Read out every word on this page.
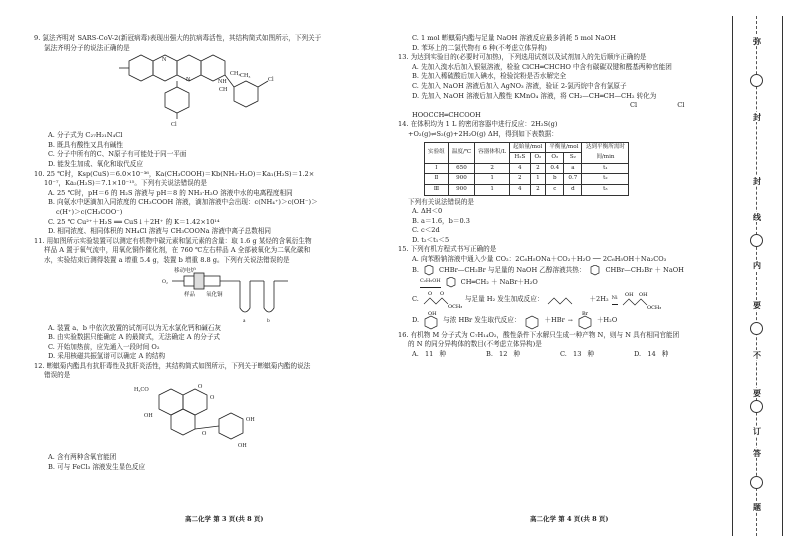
9. 氯法齐明对 SARS-CoV-2(新冠病毒)表现出强大的抗病毒活性，其结构简式如图所示，下列关于

氯法齐明分子的说法正确的是

Cl
N
N	NH
CH₃
CH
CH₃
Cl

A. 分子式为 C₂₇H₂₁N₄Cl

B. 既具有酸性又具有碱性

C. 分子中所有的C、N原子有可能处于同一平面

D. 能发生加成、氧化和取代反应

10. 25 ℃时，Ksp(CuS)＝6.0×10⁻³⁶，Ka(CH₃COOH)＝Kb(NH₃·H₂O)＝Ka₁(H₂S)＝1.2×

10⁻⁷，Ka₂(H₂S)＝7.1×10⁻¹⁵。下列有关说法错误的是

A. 25 ℃时，pH＝6 的 H₂S 溶液与 pH＝8 的 NH₃·H₂O 溶液中水的电离程度相同

B. 向氨水中逐滴加入同浓度的 CH₃COOH 溶液，滴加溶液中会出现：c(NH₄⁺)＞c(OH⁻)＞

c(H⁺)＞c(CH₃COO⁻)

C. 25 ℃ Cu²⁺＋H₂S ══ CuS↓＋2H⁺ 的 K＝1.42×10¹⁴

D. 相同浓度、相同体积的 NH₄Cl 溶液与 CH₃COONa 溶液中离子总数相同

11. 用如图所示实验装置可以测定有机物中碳元素和氢元素的含量：取 1.6 g 某烃的含氧衍生物

样品 A 置于氧气流中，用氧化铜作催化剂，在 760 ℃左右样品 A 全部被氧化为二氧化碳和

水，实验结束后测得装置 a 增重 5.4 g，装置 b 增重 8.8 g。下列有关说法错误的是

移动电炉
样品 氧化铜
a	b
O₂

A. 装置 a、b 中依次放置的试剂可以为无水氯化钙和碱石灰

B. 由实验数据只能确定 A 的最简式，无法确定 A 的分子式

C. 开始加热前，应先通入一段时间 O₂

D. 采用核磁共振氢谱可以确定 A 的结构

12. 蟛蜞菊内酯具有抗肝毒性及抗肝炎活性，其结构简式如图所示，下列关于蟛蜞菊内酯的说法

错误的是

H₃CO	O
O
OH
O
OH
OH

A. 含有两种含氧官能团

B. 可与 FeCl₃ 溶液发生显色反应

高二化学 第 3 页(共 8 页)

C. 1 mol 蟛蜞菊内酯与足量 NaOH 溶液反应最多消耗 5 mol NaOH

D. 苯环上的二氯代物有 6 种(不考虑立体异构)

13. 为达到实验目的(必要时可加热)，下列选用试剂以及试剂加入的先后顺序正确的是

A. 先加入溴水后加入银氨溶液，检验 ClCH═CHCHO 中含有碳碳双键和醛基两种官能团

B. 先加入稀硫酸后加入碘水，检验淀粉是否水解完全

C. 先加入 NaOH 溶液后加入 AgNO₃ 溶液，验证 2-氯丙烷中含有氯原子

D. 先加入 NaOH 溶液后加入酸性 KMnO₄ 溶液，将 CH₂—CH═CH—CH₂ 转化为

Cl	Cl

HOOCCH═CHCOOH

14. 在体积均为 1 L 的密闭容器中进行反应：2H₂S(g)

+O₂(g)⇌S₂(g)+2H₂O(g) ΔH，得到如下表数据：

实验组	温度/℃	容器体积/L	起始量/mol		平衡量/mol		达到平衡所需时间/min
			H₂S	O₂	O₂	S₂	
Ⅰ	650	2	4	2	0.4	a	t₁
Ⅱ	900	1	2	1	b	0.7	t₂
Ⅲ	900	1	4	2	c	d	t₃

下列有关说法错误的是

A. ΔH＜0

B. a＝1.6，b＝0.3

C. c＜2d

D. t₂＜t₁＜5

15. 下列有机方程式书写正确的是

A. 向苯酚钠溶液中通入少量 CO₂：2C₆H₅ONa＋CO₂＋H₂O ── 2C₆H₅OH＋Na₂CO₃

B.	CHBr—CH₂Br 与足量的 NaOH 乙醇溶液共热：	CHBr—CH₂Br ＋ NaOH
C₂H₅OH	CH═CH₂ ＋ NaBr＋H₂O
C.
O O
OCH₃
与足量 H₂ 发生加成反应：	＋2H₂ Ni
OH OH
OCH₃
D.
OH
与浓 HBr 发生取代反应：	＋HBr →
Br
＋H₂O

16. 有机物 M 分子式为 C₇H₁₄O₂，酸性条件下水解只生成一种产物 N，则与 N 具有相同官能团

的 N 的同分异构体的数目(不考虑立体异构)是

A. 11 种	B. 12 种	C. 13 种	D. 14 种

高二化学 第 4 页(共 8 页)
弥
封
封
线
内
要
不
要
订
答
题
